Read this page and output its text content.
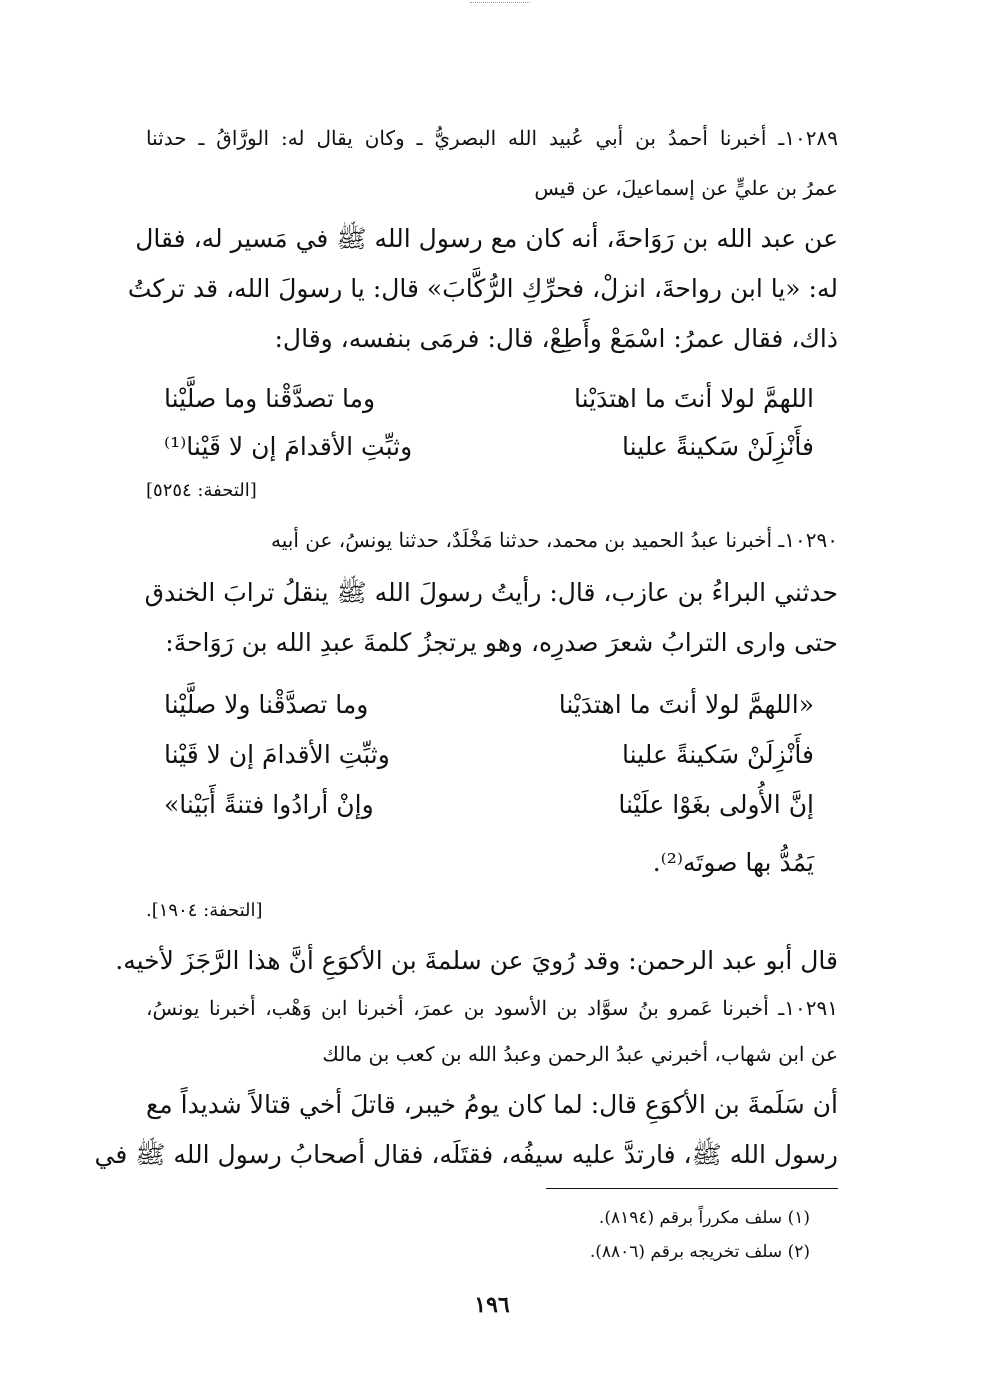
١٠٢٨٩ـ أخبرنا أحمدُ بن أبي عُبيد الله البصريُّ ـ وكان يقال له: الورَّاقُ ـ حدثنا
عمرُ بن عليٍّ عن إسماعيلَ، عن قيس
عن عبد الله بن رَوَاحةَ، أنه كان مع رسول الله ﷺ في مَسير له، فقال
له: «يا ابن رواحةَ، انزلْ، فحرِّكِ الرُّكَّابَ» قال: يا رسولَ الله، قد تركتُ
ذاك، فقال عمرُ: اسْمَعْ وأَطِعْ، قال: فرمَى بنفسه، وقال:
اللهمَّ لولا أنتَ ما اهتدَيْنا
وما تصدَّقْنا وما صلَّيْنا
فأَنْزِلَنْ سَكينةً علينا
وثبِّتِ الأقدامَ إن لا قَيْنا⁽¹⁾
[التحفة: ٥٢٥٤]
١٠٢٩٠ـ أخبرنا عبدُ الحميد بن محمد، حدثنا مَخْلَدٌ، حدثنا يونسُ، عن أبيه
حدثني البراءُ بن عازب، قال: رأيتُ رسولَ الله ﷺ ينقلُ ترابَ الخندق
حتى وارى الترابُ شعرَ صدرِه، وهو يرتجزُ كلمةَ عبدِ الله بن رَوَاحةَ:
«اللهمَّ لولا أنتَ ما اهتدَيْنا
وما تصدَّقْنا ولا صلَّيْنا
فأَنْزِلَنْ سَكينةً علينا
وثبِّتِ الأقدامَ إن لا قَيْنا
إنَّ الأُولى بغَوْا علَيْنا
وإنْ أرادُوا فتنةً أَبَيْنا»
يَمُدُّ بها صوتَه⁽²⁾.
[التحفة: ١٩٠٤].
قال أبو عبد الرحمن: وقد رُويَ عن سلمةَ بن الأكوَعِ أنَّ هذا الرَّجَزَ لأخيه.
١٠٢٩١ـ أخبرنا عَمرو بنُ سوَّاد بن الأسود بن عمرَ، أخبرنا ابن وَهْب، أخبرنا يونسُ،
عن ابن شهاب، أخبرني عبدُ الرحمن وعبدُ الله بن كعب بن مالك
أن سَلَمةَ بن الأكوَعِ قال: لما كان يومُ خيبر، قاتلَ أخي قتالاً شديداً مع
رسول الله ﷺ، فارتدَّ عليه سيفُه، فقتَلَه، فقال أصحابُ رسول الله ﷺ في
(١) سلف مكرراً برقم (٨١٩٤).
(٢) سلف تخريجه برقم (٨٨٠٦).
١٩٦
